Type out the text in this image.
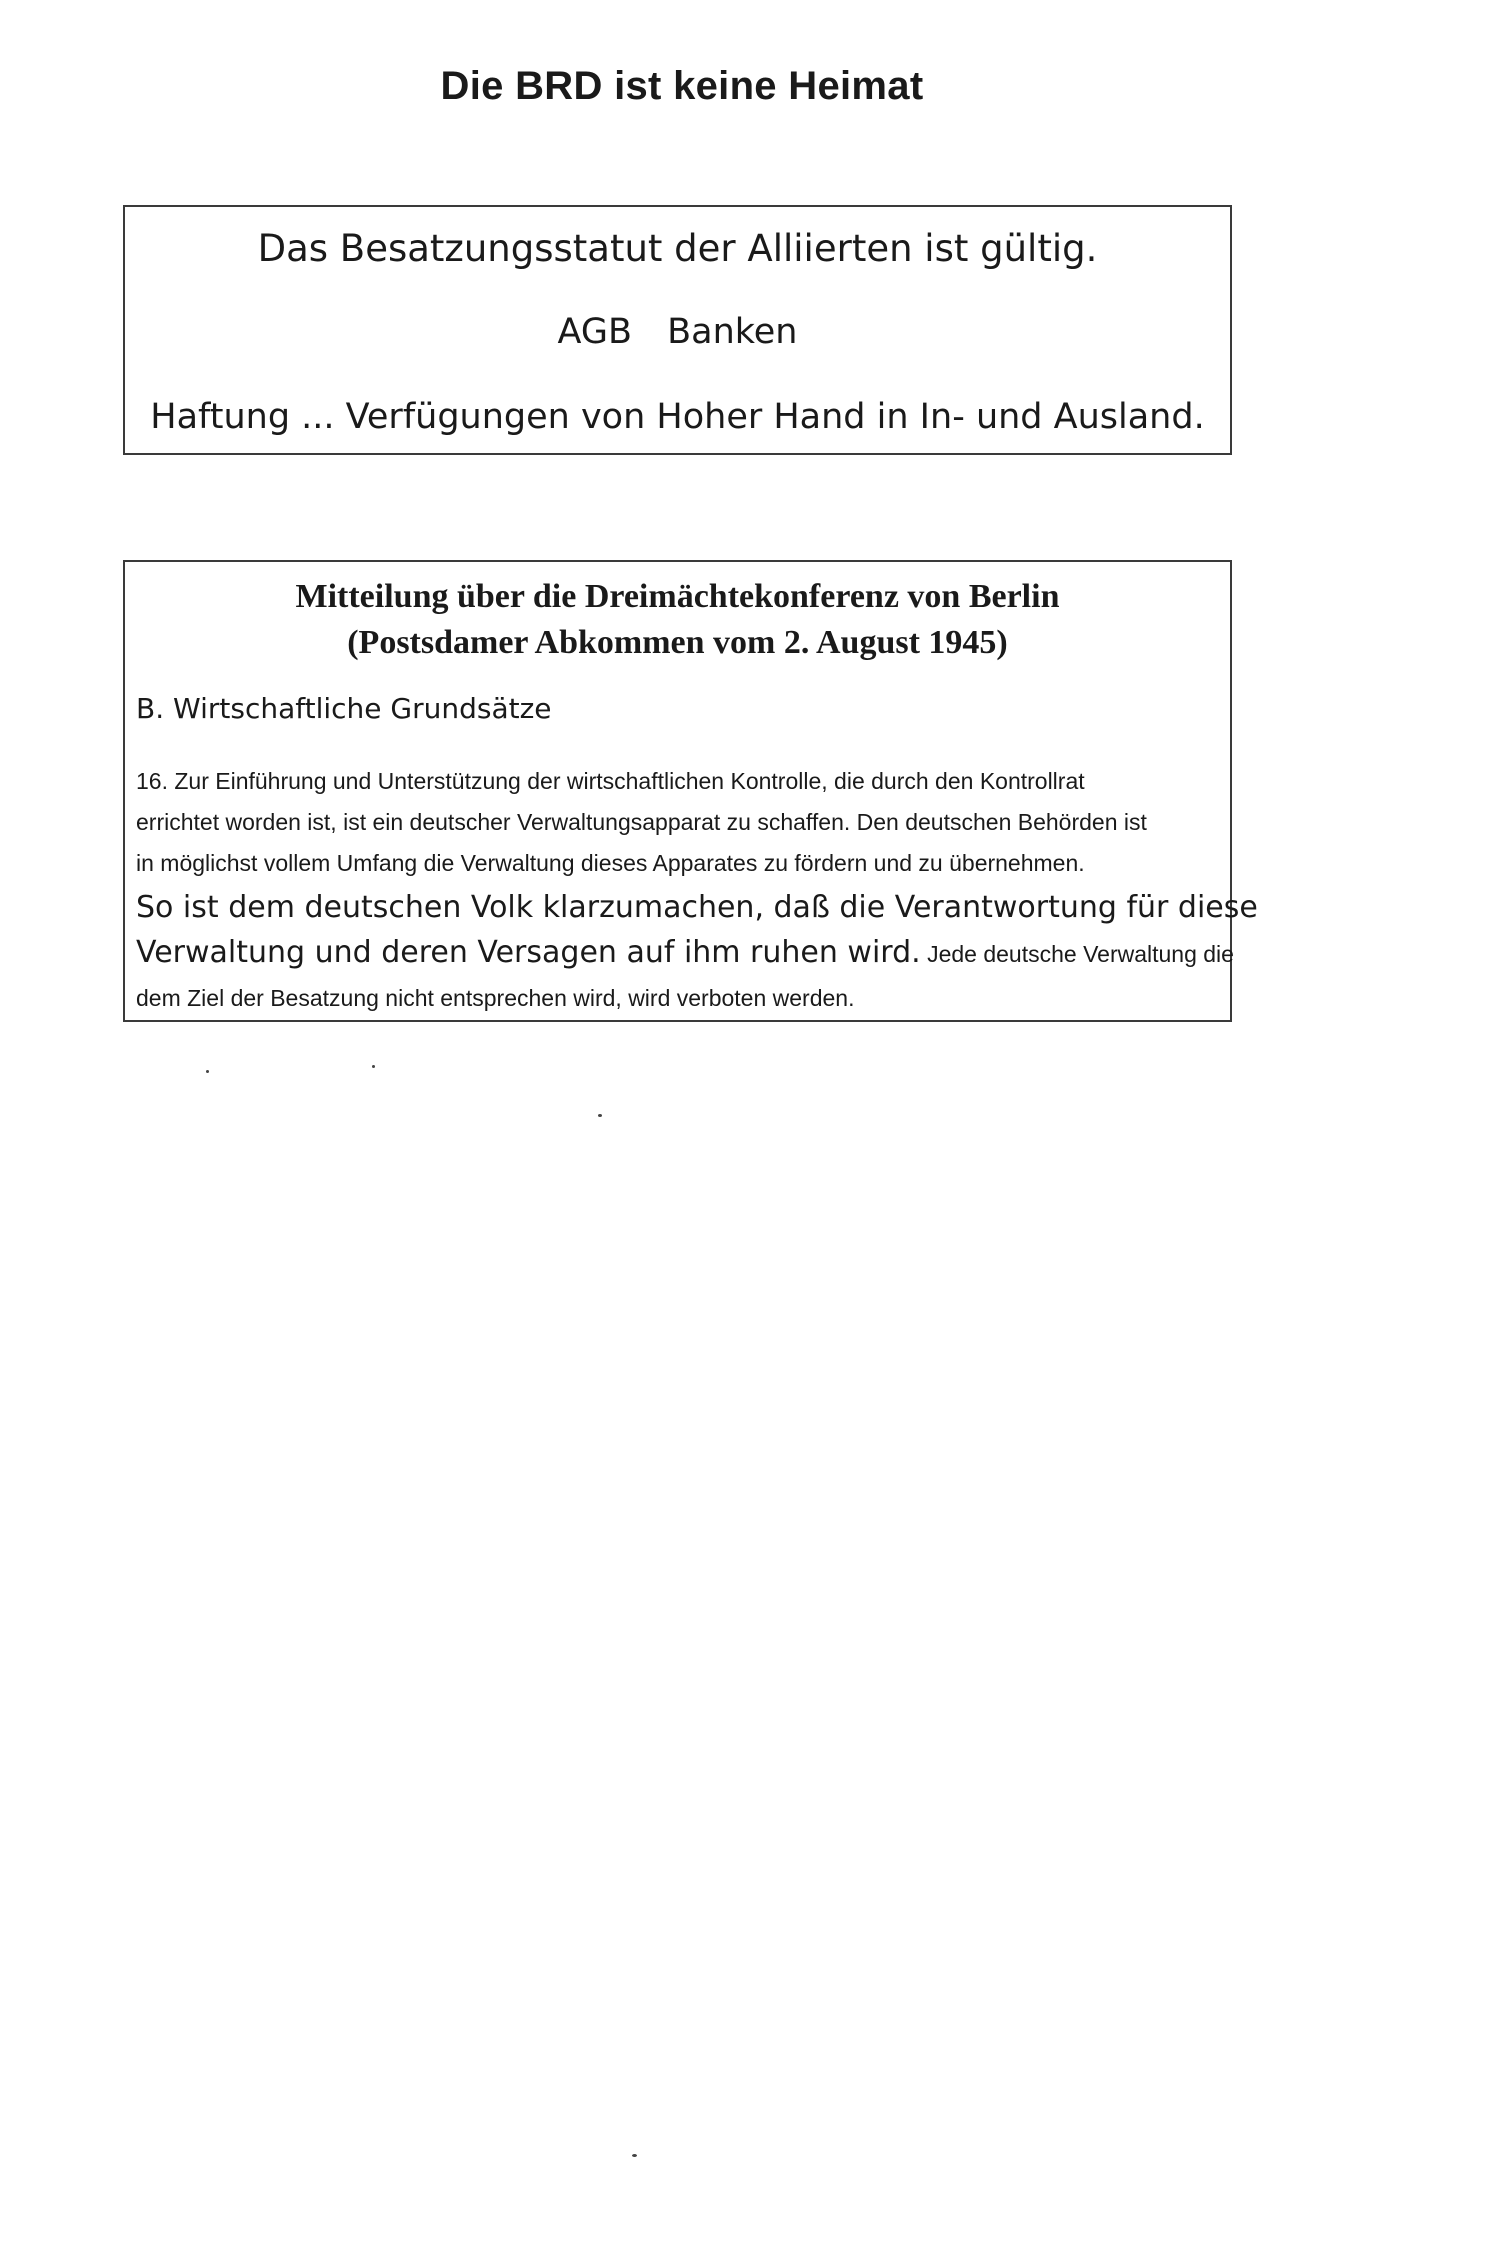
Die BRD ist keine Heimat
Das Besatzungsstatut der Alliierten ist gültig.
AGB Banken
Haftung ... Verfügungen von Hoher Hand in In- und Ausland.
Mitteilung über die Dreimächtekonferenz von Berlin
(Postsdamer Abkommen vom 2. August 1945)
B. Wirtschaftliche Grundsätze
16. Zur Einführung und Unterstützung der wirtschaftlichen Kontrolle, die durch den Kontrollrat
errichtet worden ist, ist ein deutscher Verwaltungsapparat zu schaffen. Den deutschen Behörden ist
in möglichst vollem Umfang die Verwaltung dieses Apparates zu fördern und zu übernehmen.
So ist dem deutschen Volk klarzumachen, daß die Verantwortung für diese
Verwaltung und deren Versagen auf ihm ruhen wird. Jede deutsche Verwaltung die
dem Ziel der Besatzung nicht entsprechen wird, wird verboten werden.
